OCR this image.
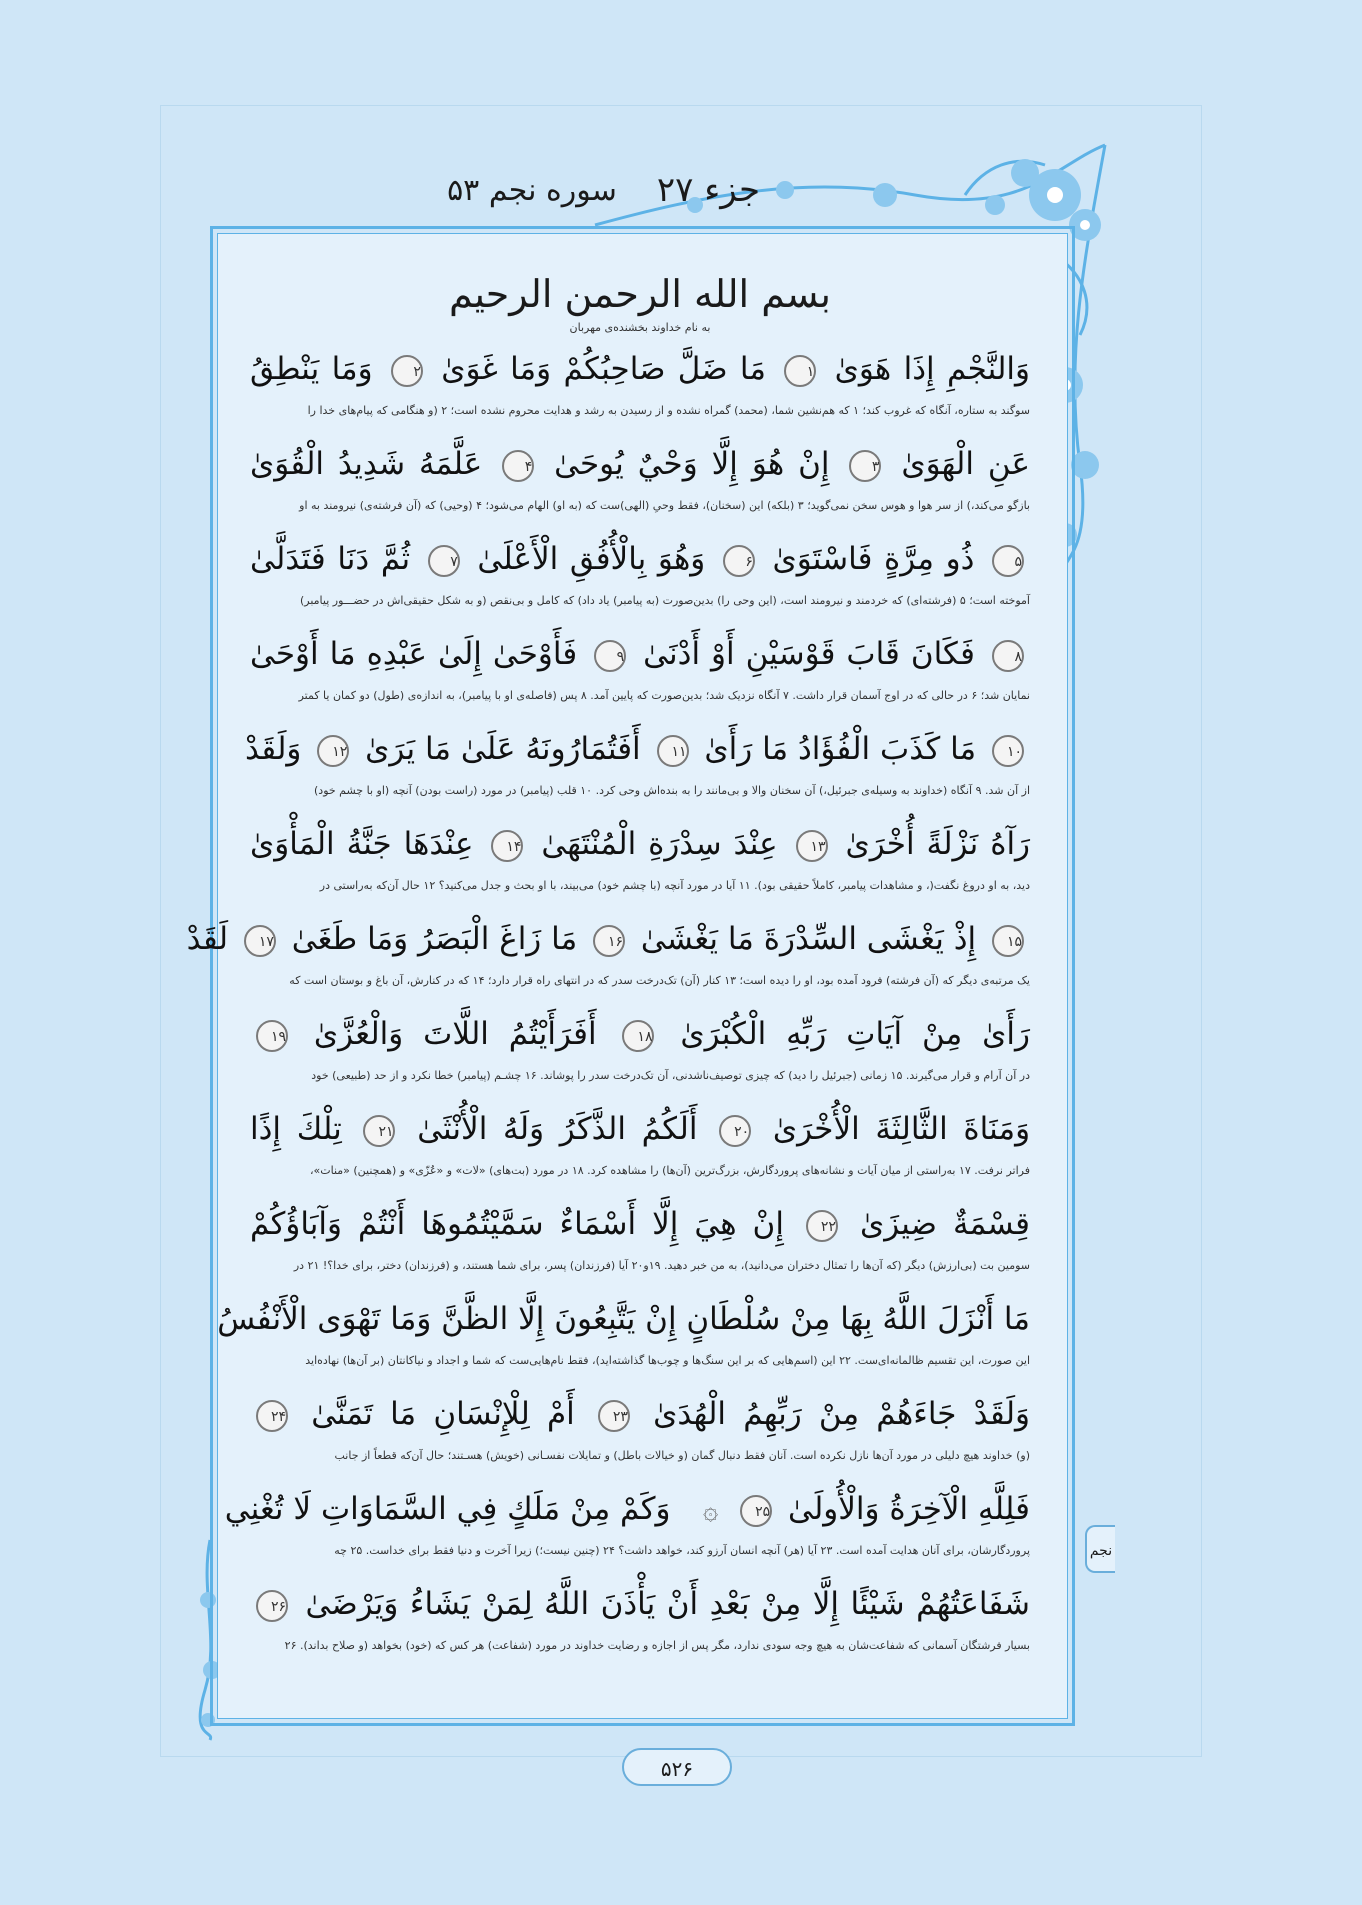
جزء ۲۷
سوره نجم ۵۳
بسم الله الرحمن الرحيم
به نام خداوند بخشنده‌ی مهربان
وَالنَّجْمِ إِذَا هَوَىٰ ۱ مَا ضَلَّ صَاحِبُكُمْ وَمَا غَوَىٰ ۲ وَمَا يَنْطِقُ
سوگند به ستاره، آنگاه که غروب کند؛ ۱ که هم‌نشین شما، (محمد) گمراه نشده و از رسیدن به رشد و هدایت محروم نشده است؛ ۲ (و هنگامی که پیام‌های خدا را
عَنِ الْهَوَىٰ ۳ إِنْ هُوَ إِلَّا وَحْيٌ يُوحَىٰ ۴ عَلَّمَهُ شَدِيدُ الْقُوَىٰ
بازگو می‌کند،) از سر هوا و هوس سخن نمی‌گوید؛ ۳ (بلکه) این (سخنان)، فقط وحیِ (الهی)ست که (به او) الهام می‌شود؛ ۴ (وحیی) که (آن فرشته‌ی) نیرومند به او
۵ ذُو مِرَّةٍ فَاسْتَوَىٰ ۶ وَهُوَ بِالْأُفُقِ الْأَعْلَىٰ ۷ ثُمَّ دَنَا فَتَدَلَّىٰ
آموخته است؛ ۵ (فرشته‌ای) که خردمند و نیرومند است، (این وحی را) بدین‌صورت (به پیامبر) یاد داد) که کامل و بی‌نقص (و به شکل حقیقی‌اش در حضـــور پیامبر)
۸ فَكَانَ قَابَ قَوْسَيْنِ أَوْ أَدْنَىٰ ۹ فَأَوْحَىٰ إِلَىٰ عَبْدِهِ مَا أَوْحَىٰ
نمایان شد؛ ۶ در حالی که در اوج آسمان قرار داشت. ۷ آنگاه نزدیک شد؛ بدین‌صورت که پایین آمد. ۸ پس (فاصله‌ی او با پیامبر)، به اندازه‌ی (طول) دو کمان یا کمتر
۱۰ مَا كَذَبَ الْفُؤَادُ مَا رَأَىٰ ۱۱ أَفَتُمَارُونَهُ عَلَىٰ مَا يَرَىٰ ۱۲ وَلَقَدْ
از آن شد. ۹ آنگاه (خداوند به وسیله‌ی جبرئیل،) آن سخنان والا و بی‌مانند را به بنده‌اش وحی کرد. ۱۰ قلب (پیامبر) در مورد (راست بودن) آنچه (او با چشم خود)
رَآهُ نَزْلَةً أُخْرَىٰ ۱۳ عِنْدَ سِدْرَةِ الْمُنْتَهَىٰ ۱۴ عِنْدَهَا جَنَّةُ الْمَأْوَىٰ
دید، به او دروغ نگفت(، و مشاهدات پیامبر، کاملاً حقیقی بود). ۱۱ آیا در مورد آنچه (با چشم خود) می‌بیند، با او بحث و جدل می‌کنید؟ ۱۲ حال آن‌که به‌راستی در
۱۵ إِذْ يَغْشَى السِّدْرَةَ مَا يَغْشَىٰ ۱۶ مَا زَاغَ الْبَصَرُ وَمَا طَغَىٰ ۱۷ لَقَدْ
یک مرتبه‌ی دیگر که (آن فرشته) فرود آمده بود، او را دیده است؛ ۱۳ کنار (آن) تک‌درخت سدر که در انتهای راه قرار دارد؛ ۱۴ که در کنارش، آن باغ و بوستان است که
رَأَىٰ مِنْ آيَاتِ رَبِّهِ الْكُبْرَىٰ ۱۸ أَفَرَأَيْتُمُ اللَّاتَ وَالْعُزَّىٰ ۱۹
در آن آرام و قرار می‌گیرند. ۱۵ زمانی (جبرئیل را دید) که چیزی توصیف‌ناشدنی، آن تک‌درخت سدر را پوشاند. ۱۶ چشـم (پیامبر) خطا نکرد و از حد (طبیعی) خود
وَمَنَاةَ الثَّالِثَةَ الْأُخْرَىٰ ۲۰ أَلَكُمُ الذَّكَرُ وَلَهُ الْأُنْثَىٰ ۲۱ تِلْكَ إِذًا
فراتر نرفت. ۱۷ به‌راستی از میان آیات و نشانه‌های پروردگارش، بزرگ‌ترین (آن‌ها) را مشاهده کرد. ۱۸ در مورد (بت‌های) «لات» و «عُزّی» و (همچنین) «منات»،
قِسْمَةٌ ضِيزَىٰ ۲۲ إِنْ هِيَ إِلَّا أَسْمَاءٌ سَمَّيْتُمُوهَا أَنْتُمْ وَآبَاؤُكُمْ
سومین بت (بی‌ارزش) دیگر (که آن‌ها را تمثال دختران می‌دانید)، به من خبر دهید. ۱۹و۲۰ آیا (فرزندان) پسر، برای شما هستند، و (فرزندان) دختر، برای خدا؟! ۲۱ در
مَا أَنْزَلَ اللَّهُ بِهَا مِنْ سُلْطَانٍ إِنْ يَتَّبِعُونَ إِلَّا الظَّنَّ وَمَا تَهْوَى الْأَنْفُسُ
این صورت، این تقسیم ظالمانه‌ای‌ست. ۲۲ این (اسم‌هایی که بر این سنگ‌ها و چوب‌ها گذاشته‌اید)، فقط نام‌هایی‌ست که شما و اجداد و نیاکانتان (بر آن‌ها) نهاده‌اید
وَلَقَدْ جَاءَهُمْ مِنْ رَبِّهِمُ الْهُدَىٰ ۲۳ أَمْ لِلْإِنْسَانِ مَا تَمَنَّىٰ ۲۴
(و) خداوند هیچ دلیلی در مورد آن‌ها نازل نکرده است. آنان فقط دنبال گمان (و خیالات باطل) و تمایلات نفسـانی (خویش) هسـتند؛ حال آن‌که قطعاً از جانب
فَلِلَّهِ الْآخِرَةُ وَالْأُولَىٰ ۲۵ ۞ وَكَمْ مِنْ مَلَكٍ فِي السَّمَاوَاتِ لَا تُغْنِي
پروردگارشان، برای آنان هدایت آمده است. ۲۳ آیا (هر) آنچه انسان آرزو کند، خواهد داشت؟ ۲۴ (چنین نیست؛) زیرا آخرت و دنیا فقط برای خداست. ۲۵ چه
شَفَاعَتُهُمْ شَيْئًا إِلَّا مِنْ بَعْدِ أَنْ يَأْذَنَ اللَّهُ لِمَنْ يَشَاءُ وَيَرْضَىٰ ۲۶
بسیار فرشتگان آسمانی که شفاعت‌شان به هیچ وجه سودی ندارد، مگر پس از اجازه و رضایت خداوند در مورد (شفاعت) هر کس که (خود) بخواهد (و صلاح بداند). ۲۶
نجم
۵۲۶
